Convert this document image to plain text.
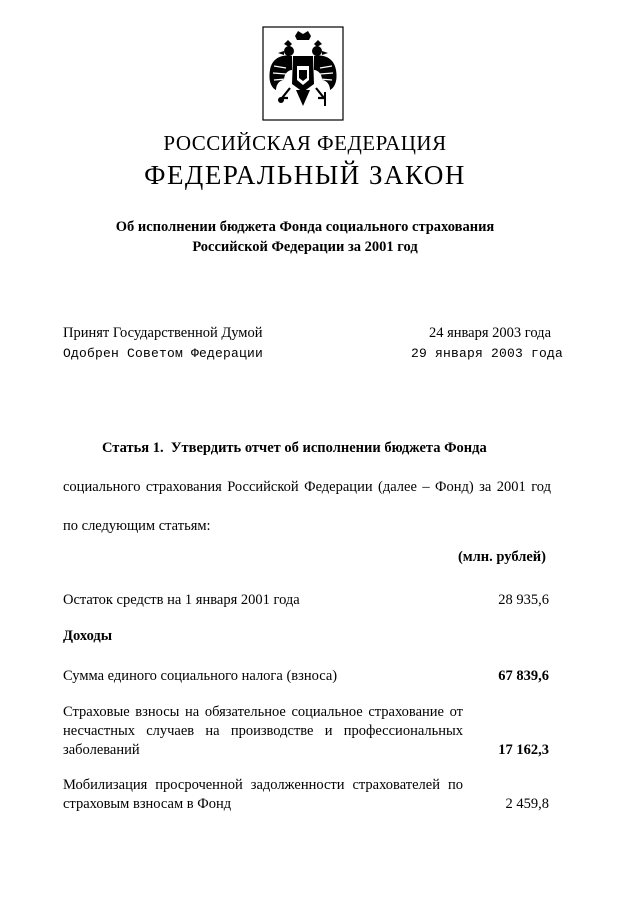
РОССИЙСКАЯ ФЕДЕРАЦИЯ
ФЕДЕРАЛЬНЫЙ ЗАКОН
Об исполнении бюджета Фонда социального страхования
Российской Федерации за 2001 год
Принят Государственной Думой	24 января 2003 года
Одобрен Советом Федерации	29 января 2003 года
Статья 1. Утвердить отчет об исполнении бюджета Фонда
социального страхования Российской Федерации (далее – Фонд) за 2001 год по следующим статьям:
(млн. рублей)
Остаток средств на 1 января 2001 года	28 935,6
Доходы
Сумма единого социального налога (взноса)	67 839,6
Страховые взносы на обязательное социальное страхование от несчастных случаев на производстве и профессиональных заболеваний	17 162,3
Мобилизация просроченной задолженности страхователей по страховым взносам в Фонд	2 459,8
